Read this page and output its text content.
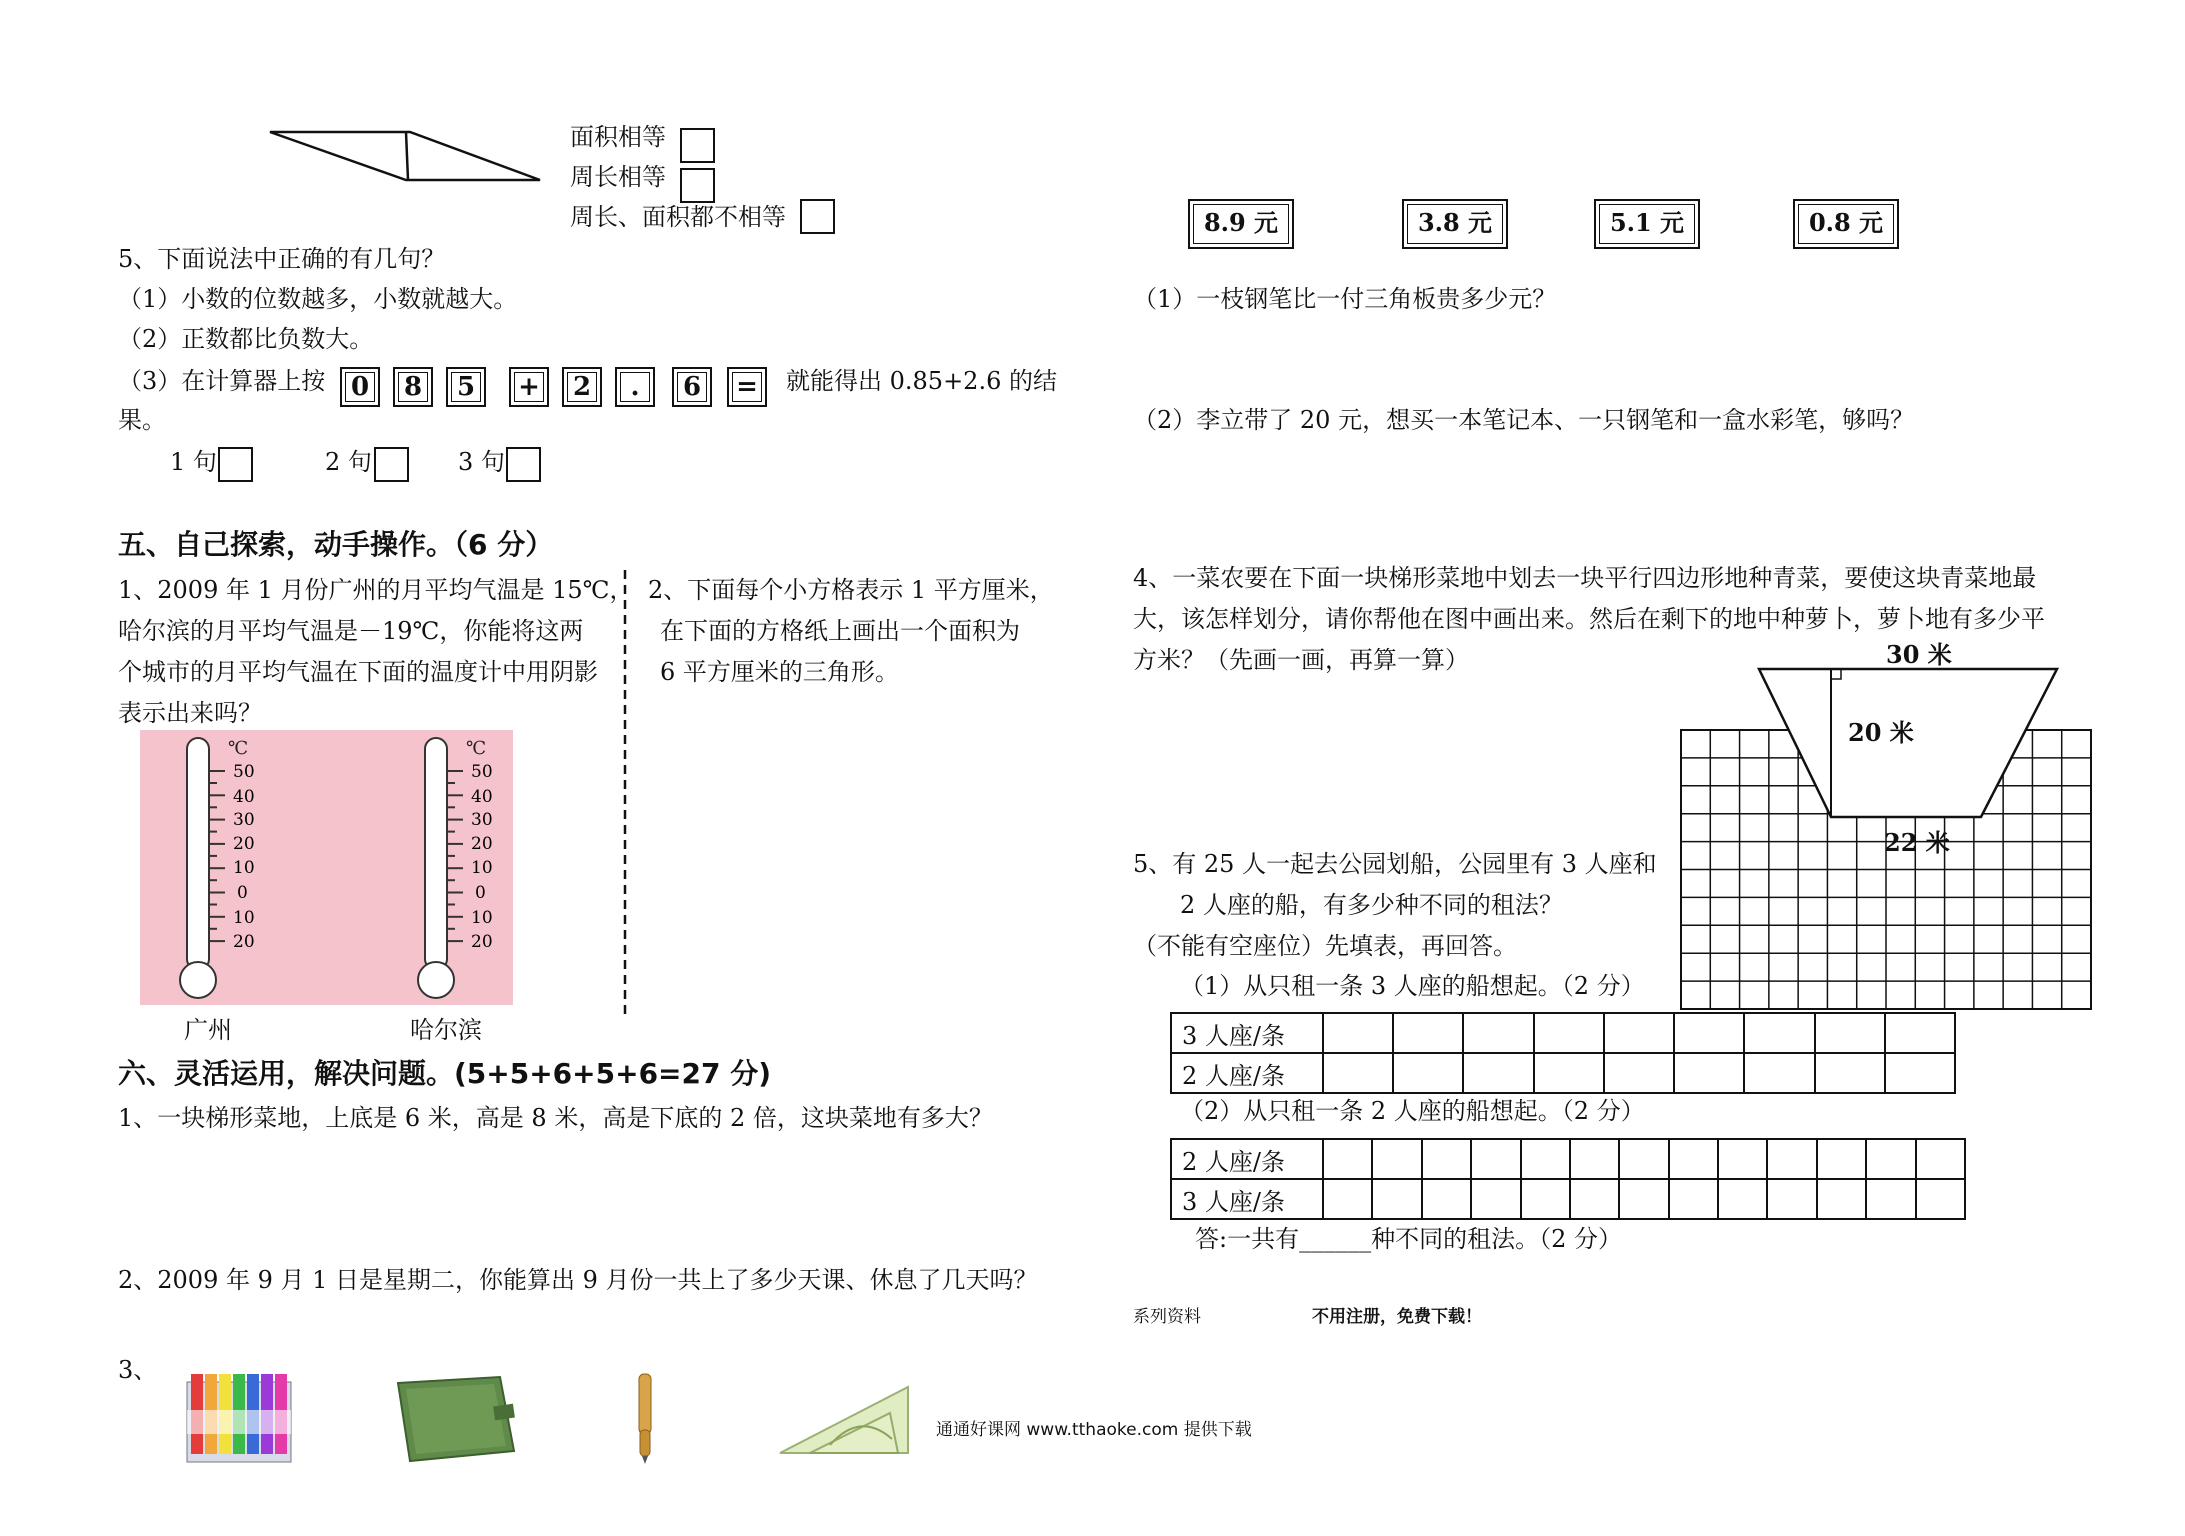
面积相等
周长相等
周长、面积都不相等
5、下面说法中正确的有几句？
（1）小数的位数越多，小数就越大。
（2）正数都比负数大。
（3）在计算器上按 0	8	5	+	2	.	6	=	就能得出 0.85+2.6 的结
果。
1 句	2 句	3 句
五、自己探索，动手操作。（6 分）
1、2009 年 1 月份广州的月平均气温是 15℃，
哈尔滨的月平均气温是－19℃，你能将这两
个城市的月平均气温在下面的温度计中用阴影
表示出来吗？
2、下面每个小方格表示 1 平方厘米，
在下面的方格纸上画出一个面积为
6 平方厘米的三角形。
℃	℃
50
40
30
20
10
0
10
20
50
40
30
20
10
0
10
20
广州	哈尔滨
六、灵活运用，解决问题。(5+5+6+5+6=27 分)
1、一块梯形菜地，上底是 6 米，高是 8 米，高是下底的 2 倍，这块菜地有多大？
2、2009 年 9 月 1 日是星期二，你能算出 9 月份一共上了多少天课、休息了几天吗？
3、
通通好课网 www.tthaoke.com 提供下载
8.9 元	3.8 元	5.1 元	0.8 元
（1）一枝钢笔比一付三角板贵多少元？
（2）李立带了 20 元，想买一本笔记本、一只钢笔和一盒水彩笔，够吗？
4、一菜农要在下面一块梯形菜地中划去一块平行四边形地种青菜，要使这块青菜地最
大，该怎样划分，请你帮他在图中画出来。然后在剩下的地中种萝卜，萝卜地有多少平
方米？（先画一画，再算一算）	30 米
20 米
22 米
5、有 25 人一起去公园划船，公园里有 3 人座和
2 人座的船，有多少种不同的租法？
（不能有空座位）先填表，再回答。
（1）从只租一条 3 人座的船想起。（2 分）
3 人座/条									
2 人座/条									
（2）从只租一条 2 人座的船想起。（2 分）
2 人座/条													
3 人座/条													
答:一共有______种不同的租法。（2 分）
系列资料	不用注册，免费下载！
